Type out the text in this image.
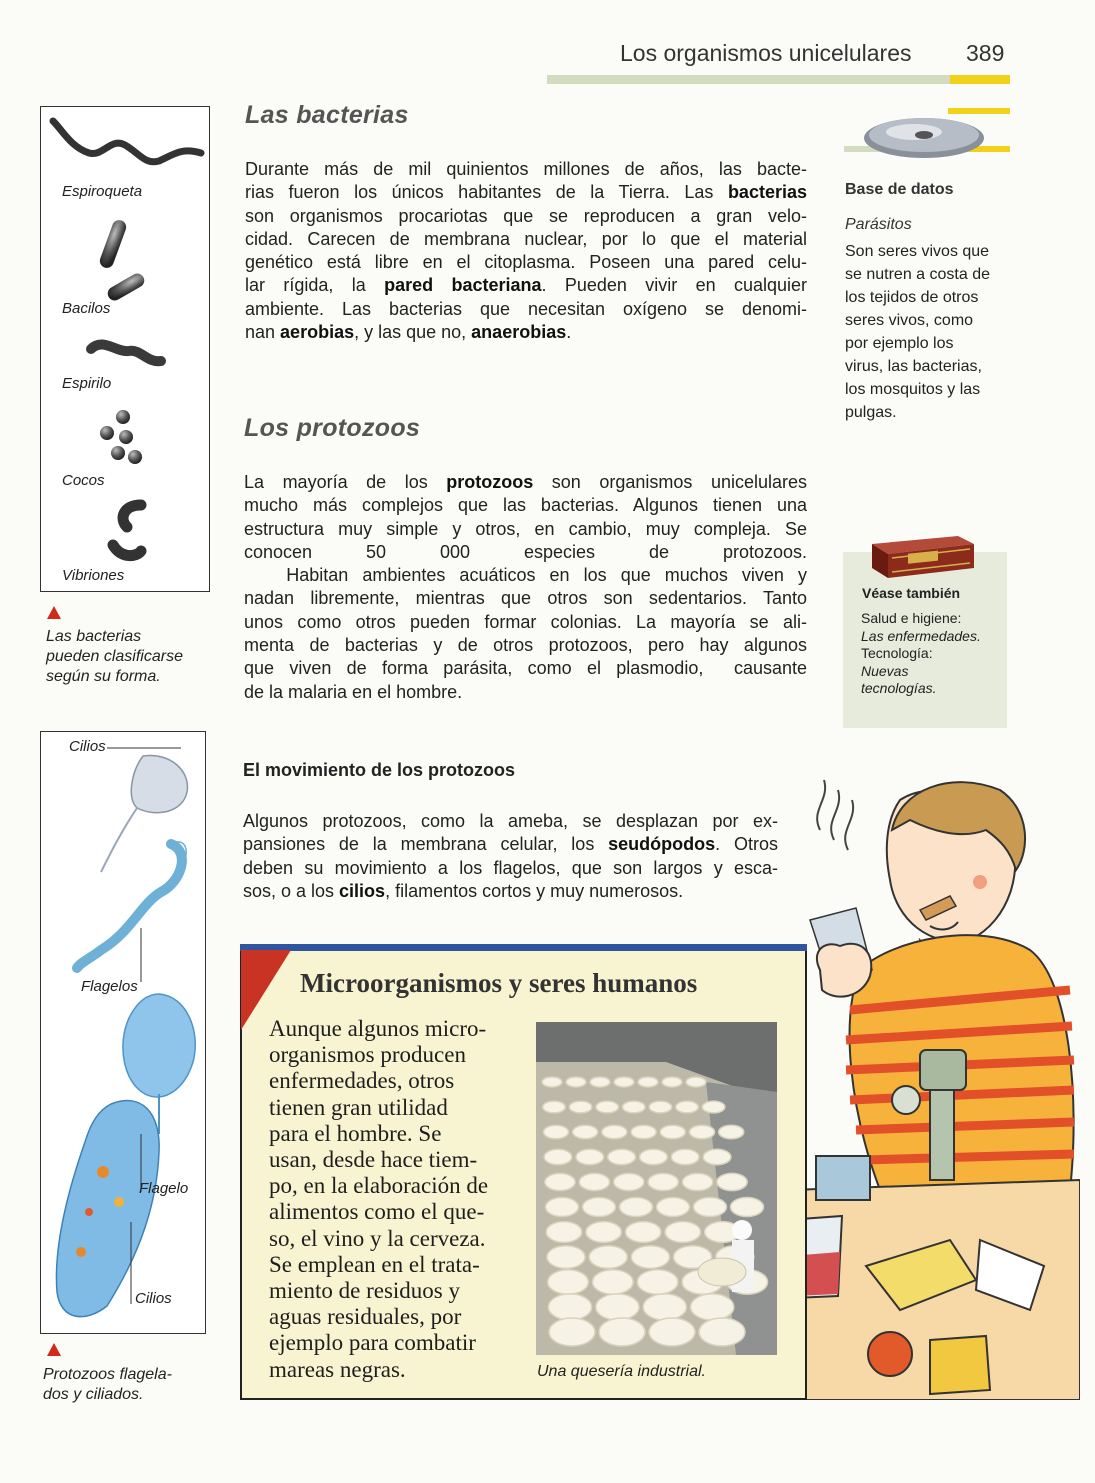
Los organismos unicelulares 389
Espiroqueta
Bacilos
Espirilo
Cocos
Vibriones
Las bacterias
pueden clasificarse
según su forma.
Cilios
Flagelos
Flagelo
Cilios
Protozoos flagela-
dos y ciliados.
Las bacterias
Durante más de mil quinientos millones de años, las bacte-
rias fueron los únicos habitantes de la Tierra. Las bacterias
son organismos procariotas que se reproducen a gran velo-
cidad. Carecen de membrana nuclear, por lo que el material
genético está libre en el citoplasma. Poseen una pared celu-
lar rígida, la pared bacteriana. Pueden vivir en cualquier
ambiente. Las bacterias que necesitan oxígeno se denomi-
nan aerobias, y las que no, anaerobias.
Los protozoos
La mayoría de los protozoos son organismos unicelulares
mucho más complejos que las bacterias. Algunos tienen una
estructura muy simple y otros, en cambio, muy compleja. Se
conocen 50 000 especies de protozoos.
Habitan ambientes acuáticos en los que muchos viven y
nadan libremente, mientras que otros son sedentarios. Tanto
unos como otros pueden formar colonias. La mayoría se ali-
menta de bacterias y de otros protozoos, pero hay algunos
que viven de forma parásita, como el plasmodio,  causante
de la malaria en el hombre.
El movimiento de los protozoos
Algunos protozoos, como la ameba, se desplazan por ex-
pansiones de la membrana celular, los seudópodos. Otros
deben su movimiento a los flagelos, que son largos y esca-
sos, o a los cilios, filamentos cortos y muy numerosos.
Base de datos
Parásitos
Son seres vivos que
se nutren a costa de
los tejidos de otros
seres vivos, como
por ejemplo los
virus, las bacterias,
los mosquitos y las
pulgas.
Véase también
Salud e higiene:
Las enfermedades.
Tecnología:
Nuevas
tecnologías.
Microorganismos y seres humanos
Aunque algunos micro-
organismos producen
enfermedades, otros
tienen gran utilidad
para el hombre. Se
usan, desde hace tiem-
po, en la elaboración de
alimentos como el que-
so, el vino y la cerveza.
Se emplean en el trata-
miento de residuos y
aguas residuales, por
ejemplo para combatir
mareas negras.	Una quesería industrial.
